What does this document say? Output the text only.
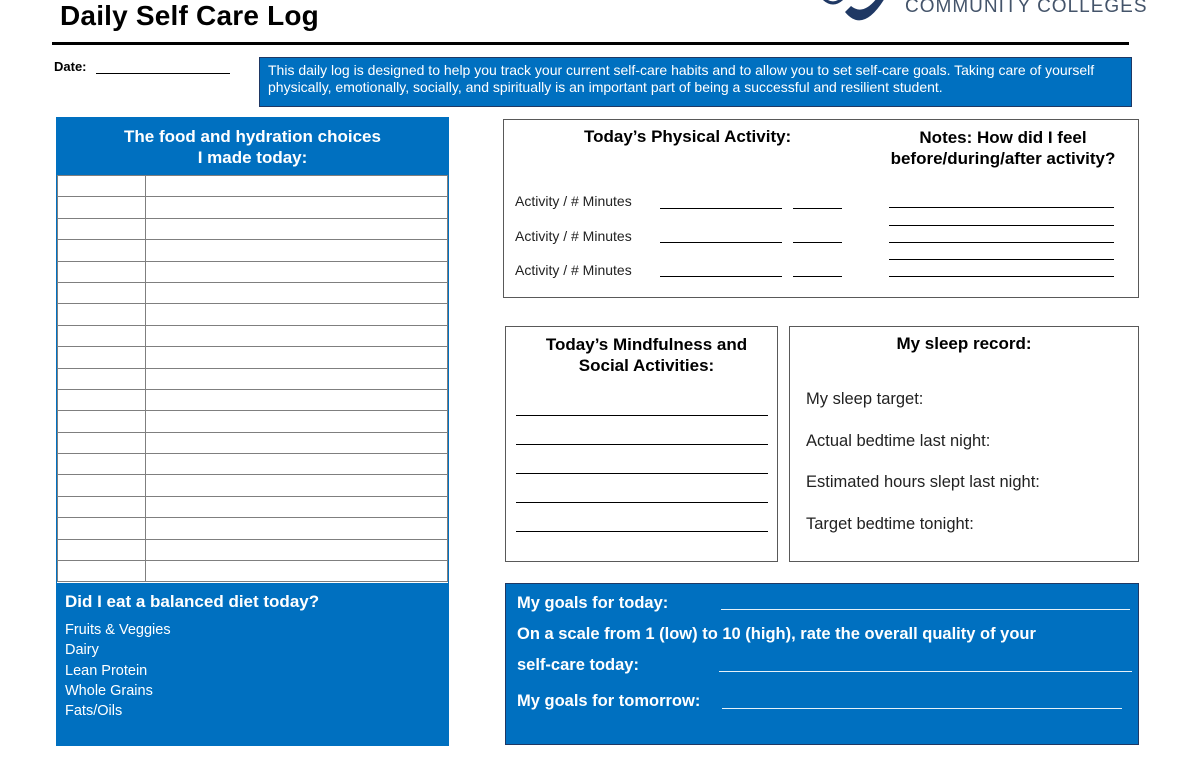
Daily Self Care Log	COMMUNITY COLLEGES
Date:	This daily log is designed to help you track your current self-care habits and to allow you to set self-care goals. Taking care of yourself physically, emotionally, socially, and spiritually is an important part of being a successful and resilient student.
The food and hydration choices
I made today:

Did I eat a balanced diet today?
Fruits & Veggies
Dairy
Lean Protein
Whole Grains
Fats/Oils
Today’s Physical Activity:	Notes: How did I feel
before/during/after activity?
Activity / # Minutes
Activity / # Minutes
Activity / # Minutes
Today’s Mindfulness and
Social Activities:
My sleep record:
My sleep target:
Actual bedtime last night:
Estimated hours slept last night:
Target bedtime tonight:
My goals for today:
On a scale from 1 (low) to 10 (high), rate the overall quality of your
self-care today:
My goals for tomorrow:
